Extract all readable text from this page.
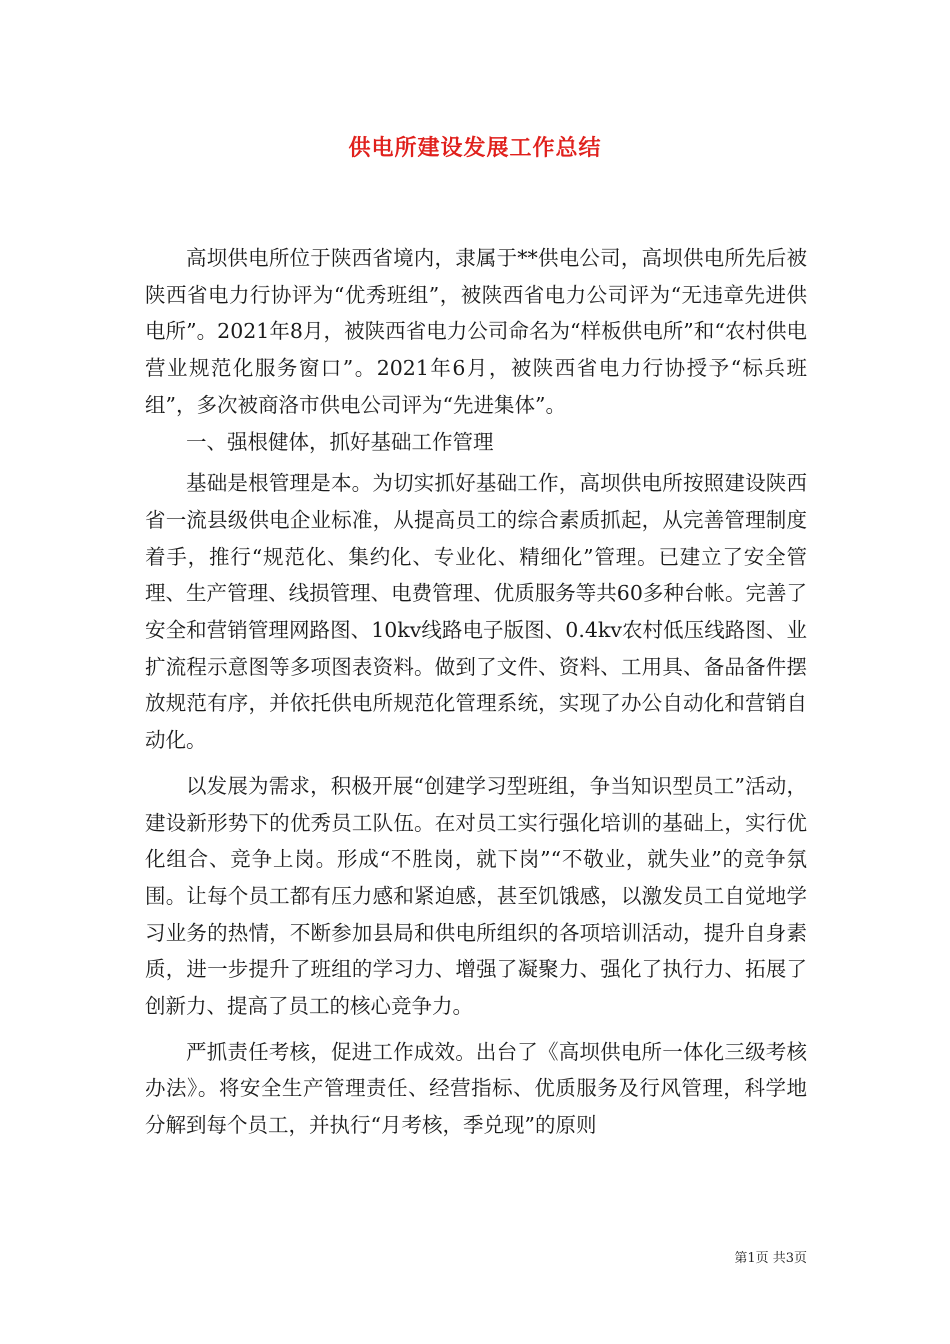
供电所建设发展工作总结

高坝供电所位于陕西省境内，隶属于**供电公司，高坝供电所先后被陕西省电力行协评为“优秀班组”，被陕西省电力公司评为“无违章先进供电所”。2021年8月，被陕西省电力公司命名为“样板供电所”和“农村供电营业规范化服务窗口”。2021年6月，被陕西省电力行协授予“标兵班组”，多次被商洛市供电公司评为“先进集体”。

一、强根健体，抓好基础工作管理

基础是根管理是本。为切实抓好基础工作，高坝供电所按照建设陕西省一流县级供电企业标准，从提高员工的综合素质抓起，从完善管理制度着手，推行“规范化、集约化、专业化、精细化”管理。已建立了安全管理、生产管理、线损管理、电费管理、优质服务等共60多种台帐。完善了安全和营销管理网路图、10kv线路电子版图、0.4kv农村低压线路图、业扩流程示意图等多项图表资料。做到了文件、资料、工用具、备品备件摆放规范有序，并依托供电所规范化管理系统，实现了办公自动化和营销自动化。

以发展为需求，积极开展“创建学习型班组，争当知识型员工”活动，建设新形势下的优秀员工队伍。在对员工实行强化培训的基础上，实行优化组合、竞争上岗。形成“不胜岗，就下岗”“不敬业，就失业”的竞争氛围。让每个员工都有压力感和紧迫感，甚至饥饿感，以激发员工自觉地学习业务的热情，不断参加县局和供电所组织的各项培训活动，提升自身素质，进一步提升了班组的学习力、增强了凝聚力、强化了执行力、拓展了创新力、提高了员工的核心竞争力。

严抓责任考核，促进工作成效。出台了《高坝供电所一体化三级考核办法》。将安全生产管理责任、经营指标、优质服务及行风管理，科学地分解到每个员工，并执行“月考核，季兑现”的原则

第1页 共3页
